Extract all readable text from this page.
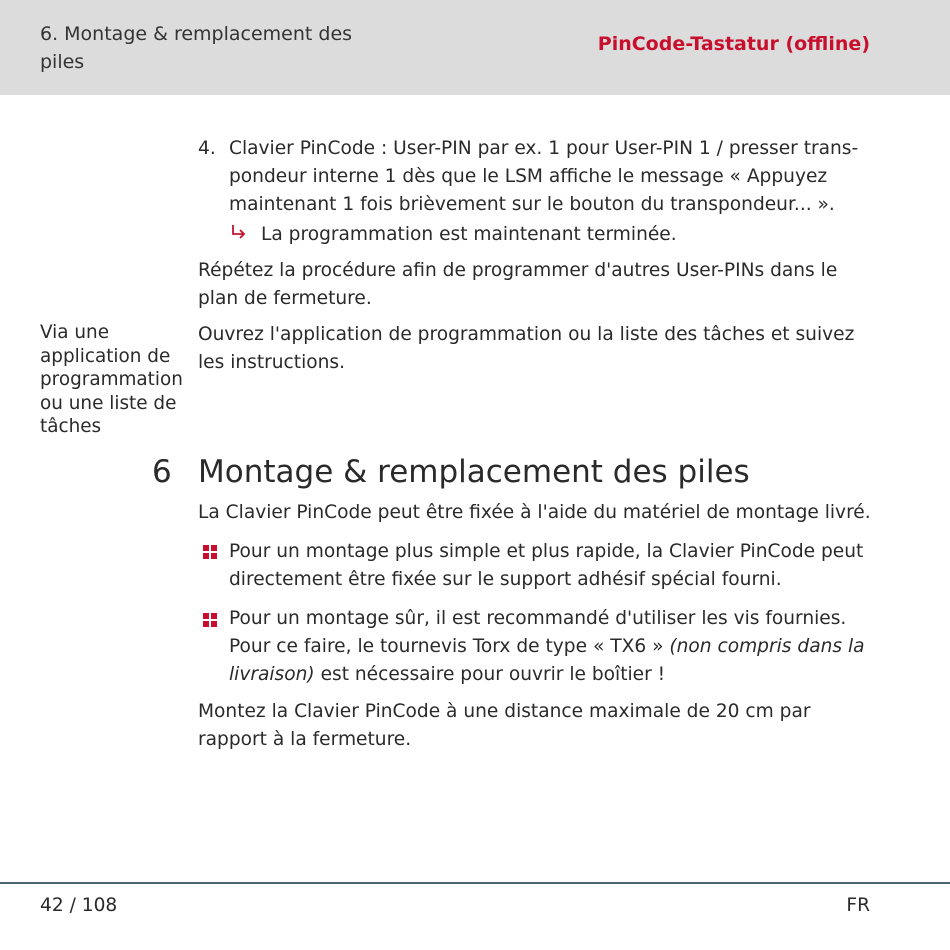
6. Montage & remplacement des piles
PinCode-Tastatur (offline)
4. Clavier PinCode : User-PIN par ex. 1 pour User-PIN 1 / presser transpondeur interne 1 dès que le LSM affiche le message « Appuyez maintenant 1 fois brièvement sur le bouton du transpondeur... ».
La programmation est maintenant terminée.
Répétez la procédure afin de programmer d'autres User-PINs dans le plan de fermeture.
Via une application de programmation ou une liste de tâches
Ouvrez l'application de programmation ou la liste des tâches et suivez les instructions.
6 Montage & remplacement des piles
La Clavier PinCode peut être fixée à l'aide du matériel de montage livré.
Pour un montage plus simple et plus rapide, la Clavier PinCode peut directement être fixée sur le support adhésif spécial fourni.
Pour un montage sûr, il est recommandé d'utiliser les vis fournies. Pour ce faire, le tournevis Torx de type « TX6 » (non compris dans la livraison) est nécessaire pour ouvrir le boîtier !
Montez la Clavier PinCode à une distance maximale de 20 cm par rapport à la fermeture.
42 / 108	FR
